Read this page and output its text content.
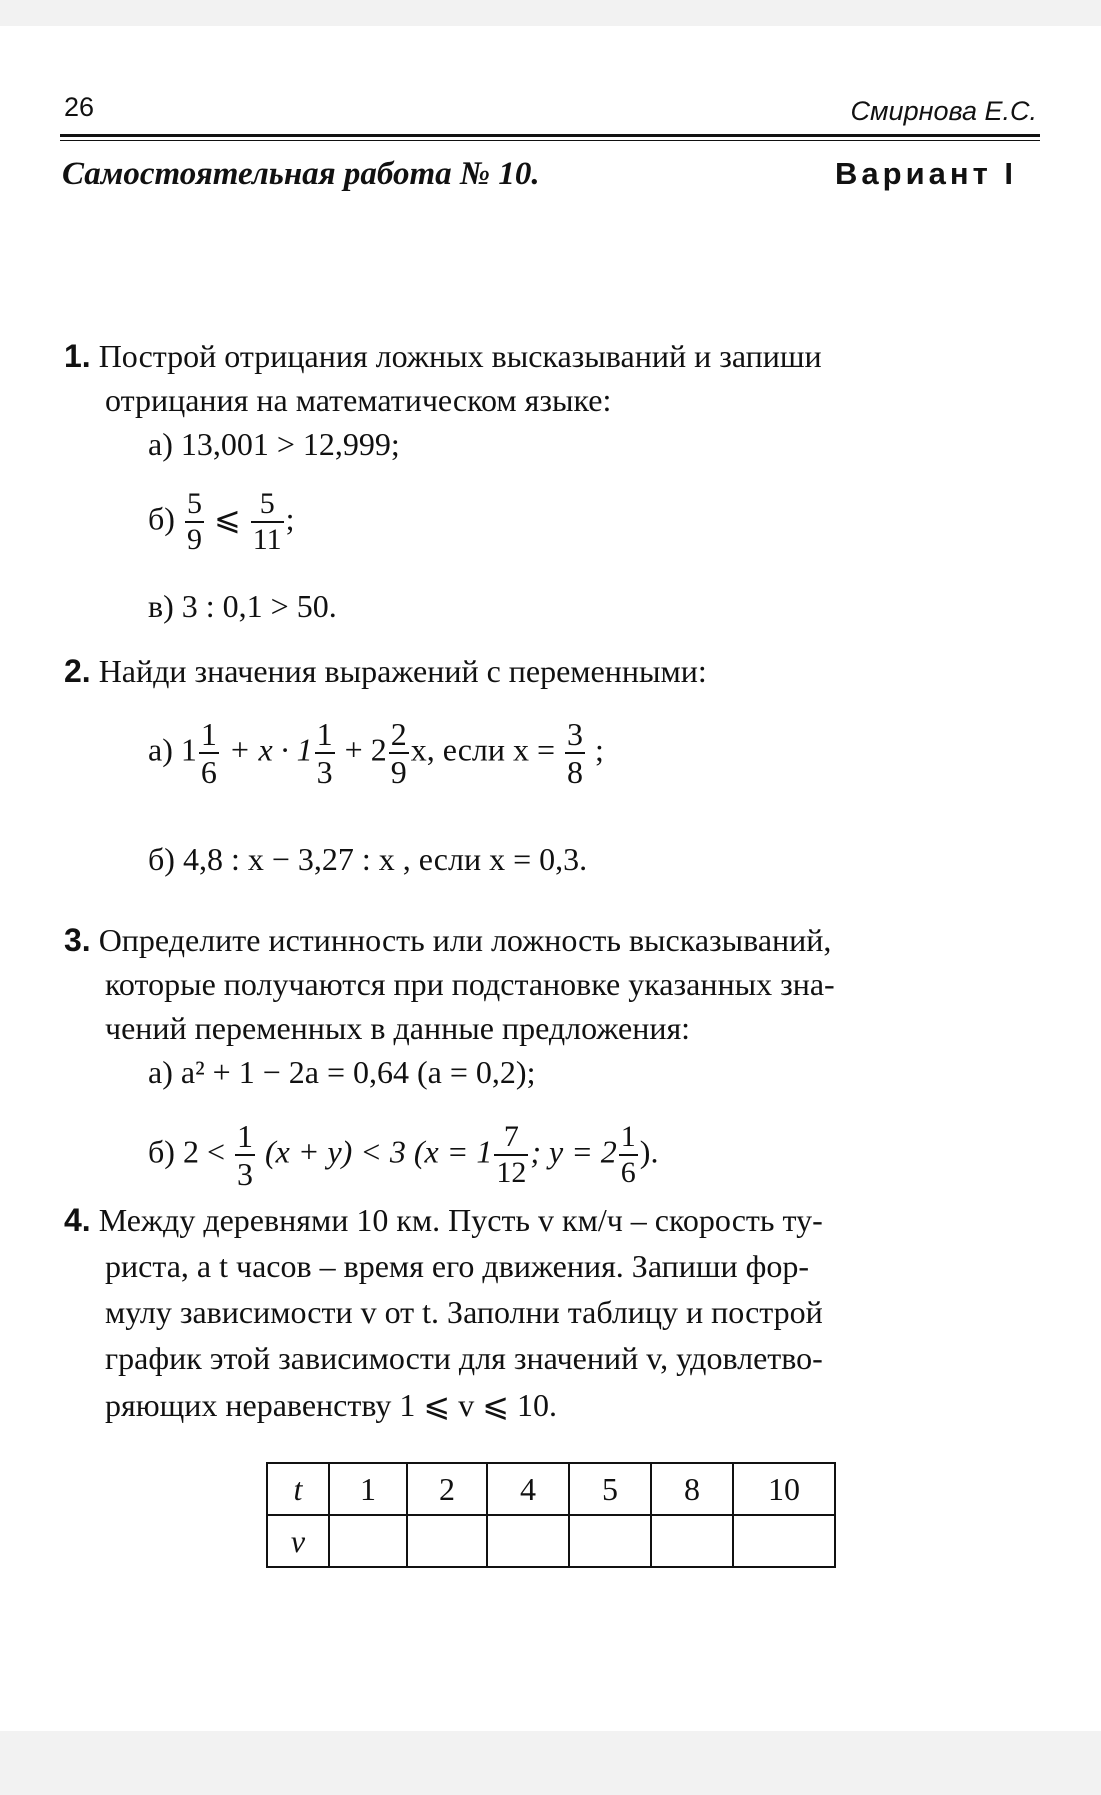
26	Смирнова Е.С.
Самостоятельная работа № 10.	Вариант I
1. Построй отрицания ложных высказываний и запиши
отрицания на математическом языке:
а) 13,001 > 12,999;
$б) \frac{5}{9}$ ⩽ $\frac{5}{11}$ ;
в) 3 : 0,1 > 50.
2. Найди значения выражений с переменными:
а) $1 \frac{1}{6} + x \cdot 1 \frac{1}{3} + 2 \frac{2}{9} x$, если $x = \frac{3}{8}$ ;
б) 4,8 : x − 3,27 : x , если x = 0,3.
3. Определите истинность или ложность высказываний,
которые получаются при подстановке указанных зна-
чений переменных в данные предложения:
а) a² + 1 − 2a = 0,64 (a = 0,2);
б) $2 < \frac{1}{3} (x + y) < 3$ ($x = 1 \frac{7}{12}$ ; $y = 2 \frac{1}{6}$ ).
4. Между деревнями 10 км. Пусть v км/ч – скорость ту-
риста, а t часов – время его движения. Запиши фор-
мулу зависимости v от t. Заполни таблицу и построй
график этой зависимости для значений v, удовлетво-
ряющих неравенству 1 ⩽ v ⩽ 10.
t	1	2	4	5	8	10
v						
